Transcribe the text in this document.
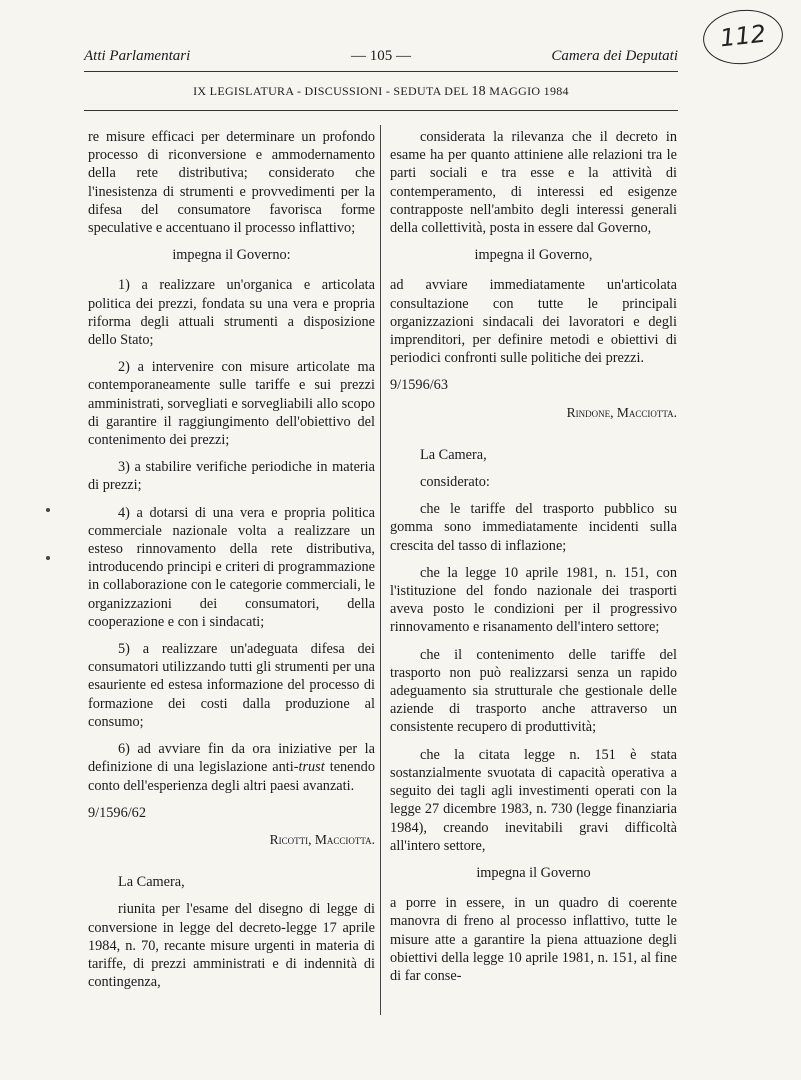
Atti Parlamentari	— 105 —	Camera dei Deputati
112
IX LEGISLATURA - DISCUSSIONI - SEDUTA DEL 18 MAGGIO 1984

re misure efficaci per determinare un profondo processo di riconversione e ammodernamento della rete distributiva; considerato che l'inesistenza di strumenti e provvedimenti per la difesa del consumatore favorisca forme speculative e accentuano il processo inflattivo;

impegna il Governo:

1) a realizzare un'organica e articolata politica dei prezzi, fondata su una vera e propria riforma degli attuali strumenti a disposizione dello Stato;

2) a intervenire con misure articolate ma contemporaneamente sulle tariffe e sui prezzi amministrati, sorvegliati e sorvegliabili allo scopo di garantire il raggiungimento dell'obiettivo del contenimento dei prezzi;

3) a stabilire verifiche periodiche in materia di prezzi;

4) a dotarsi di una vera e propria politica commerciale nazionale volta a realizzare un esteso rinnovamento della rete distributiva, introducendo principi e criteri di programmazione in collaborazione con le categorie commerciali, le organizzazioni dei consumatori, della cooperazione e con i sindacati;

5) a realizzare un'adeguata difesa dei consumatori utilizzando tutti gli strumenti per una esauriente ed estesa informazione del processo di formazione dei costi dalla produzione al consumo;

6) ad avviare fin da ora iniziative per la definizione di una legislazione anti-trust tenendo conto dell'esperienza degli altri paesi avanzati.

9/1596/62

Ricotti, Macciotta.

La Camera,

riunita per l'esame del disegno di legge di conversione in legge del decreto-legge 17 aprile 1984, n. 70, recante misure urgenti in materia di tariffe, di prezzi amministrati e di indennità di contingenza,

considerata la rilevanza che il decreto in esame ha per quanto attiniene alle relazioni tra le parti sociali e tra esse e la attività di contemperamento, di interessi ed esigenze contrapposte nell'ambito degli interessi generali della collettività, posta in essere dal Governo,

impegna il Governo,

ad avviare immediatamente un'articolata consultazione con tutte le principali organizzazioni sindacali dei lavoratori e degli imprenditori, per definire metodi e obiettivi di periodici confronti sulle politiche dei prezzi.

9/1596/63

Rindone, Macciotta.

La Camera,

considerato:

che le tariffe del trasporto pubblico su gomma sono immediatamente incidenti sulla crescita del tasso di inflazione;

che la legge 10 aprile 1981, n. 151, con l'istituzione del fondo nazionale dei trasporti aveva posto le condizioni per il progressivo rinnovamento e risanamento dell'intero settore;

che il contenimento delle tariffe del trasporto non può realizzarsi senza un rapido adeguamento sia strutturale che gestionale delle aziende di trasporto anche attraverso un consistente recupero di produttività;

che la citata legge n. 151 è stata sostanzialmente svuotata di capacità operativa a seguito dei tagli agli investimenti operati con la legge 27 dicembre 1983, n. 730 (legge finanziaria 1984), creando inevitabili gravi difficoltà all'intero settore,

impegna il Governo

a porre in essere, in un quadro di coerente manovra di freno al processo inflattivo, tutte le misure atte a garantire la piena attuazione degli obiettivi della legge 10 aprile 1981, n. 151, al fine di far conse-
